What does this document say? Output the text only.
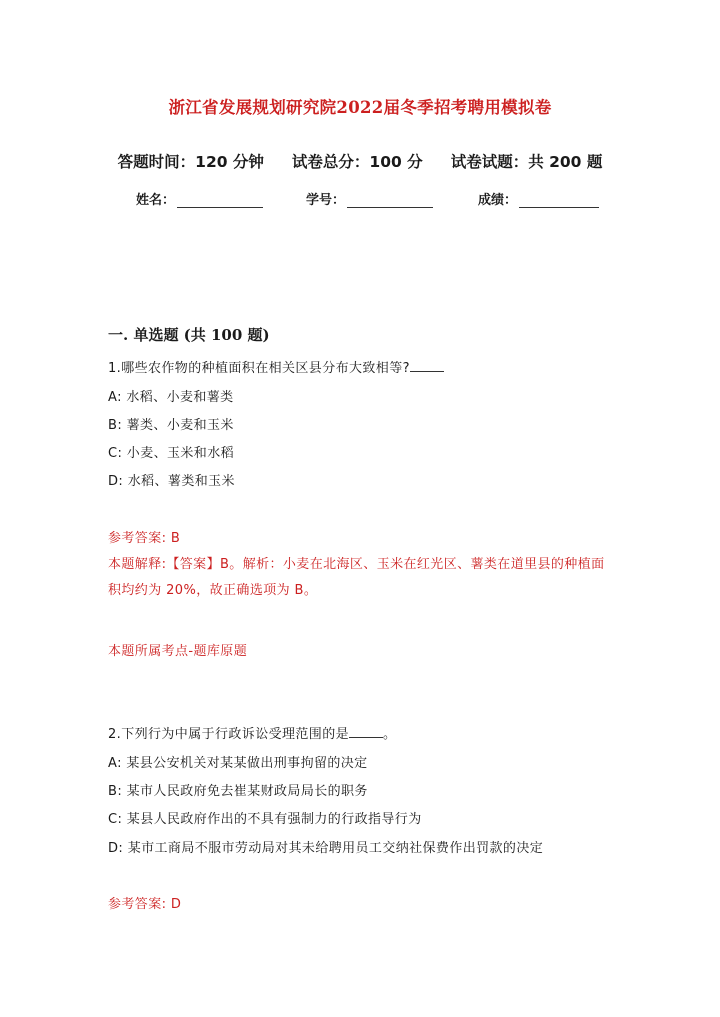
浙江省发展规划研究院2022届冬季招考聘用模拟卷
答题时间：120 分钟 试卷总分：100 分 试卷试题：共 200 题
姓名：	学号：	成绩：
一. 单选题 (共 100 题)
1.哪些农作物的种植面积在相关区县分布大致相等?
A: 水稻、小麦和薯类
B: 薯类、小麦和玉米
C: 小麦、玉米和水稻
D: 水稻、薯类和玉米
参考答案: B
本题解释:【答案】B。解析：小麦在北海区、玉米在红光区、薯类在道里县的种植面积均约为 20%，故正确选项为 B。
本题所属考点-题库原题
2.下列行为中属于行政诉讼受理范围的是	。
A: 某县公安机关对某某做出刑事拘留的决定
B: 某市人民政府免去崔某财政局局长的职务
C: 某县人民政府作出的不具有强制力的行政指导行为
D: 某市工商局不服市劳动局对其未给聘用员工交纳社保费作出罚款的决定
参考答案: D
